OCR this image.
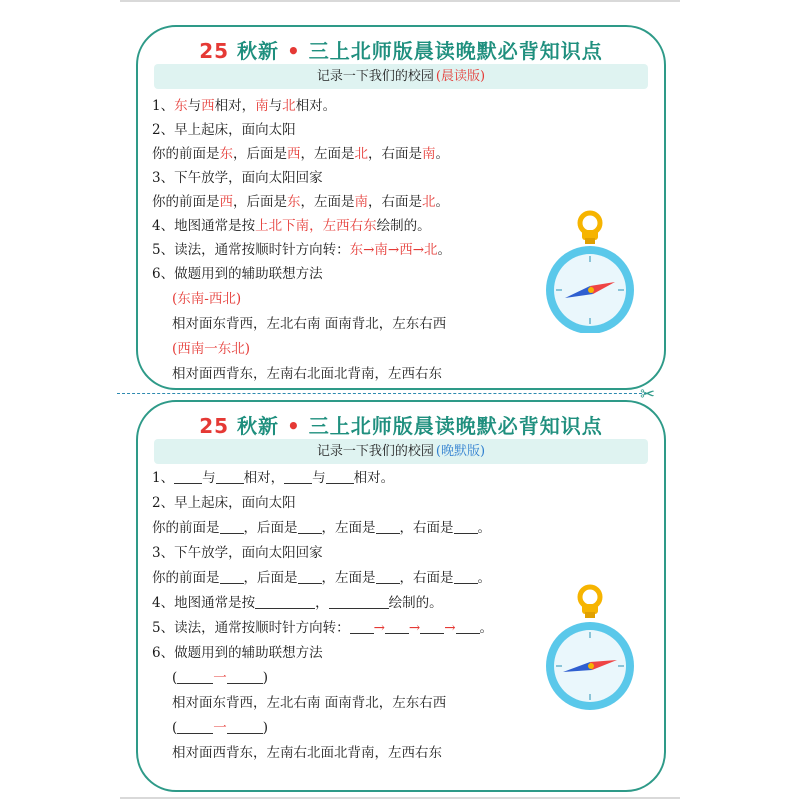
25 秋新 • 三上北师版晨读晚默必背知识点
记录一下我们的校园 (晨读版)
1、东与西相对，南与北相对。
2、早上起床，面向太阳
你的前面是东，后面是西，左面是北，右面是南。
3、下午放学，面向太阳回家
你的前面是西，后面是东，左面是南，右面是北。
4、地图通常是按上北下南，左西右东绘制的。
5、读法，通常按顺时针方向转：东→南→西→北。
6、做题用到的辅助联想方法
(东南-西北)
相对面东背西，左北右南 面南背北，左东右西
(西南一东北)
相对面西背东，左南右北面北背南，左西右东
✂
25 秋新 • 三上北师版晨读晚默必背知识点
记录一下我们的校园 (晚默版)
1、 与 相对， 与 相对。
2、早上起床，面向太阳
你的前面是 ，后面是 ，左面是 ，右面是 。
3、下午放学，面向太阳回家
你的前面是 ，后面是 ，左面是 ，右面是 。
4、地图通常是按	，	绘制的。
5、读法，通常按顺时针方向转： → → → 。
6、做题用到的辅助联想方法
(	一	)
相对面东背西，左北右南 面南背北，左东右西
(	一	)
相对面西背东，左南右北面北背南，左西右东
